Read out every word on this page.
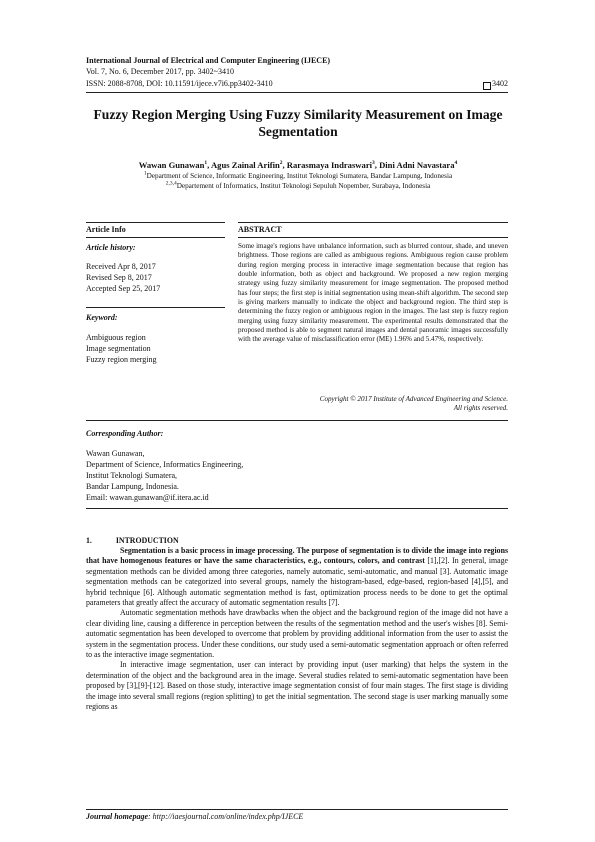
International Journal of Electrical and Computer Engineering (IJECE)
Vol. 7, No. 6, December 2017, pp. 3402~3410
ISSN: 2088-8708, DOI: 10.11591/ijece.v7i6.pp3402-3410	3402
Fuzzy Region Merging Using Fuzzy Similarity Measurement on Image Segmentation
Wawan Gunawan$^1$, Agus Zainal Arifin$^2$, Rarasmaya Indraswari$^3$, Dini Adni Navastara$^4$
$^1$Department of Science, Informatic Engineering, Institut Teknologi Sumatera, Bandar Lampung, Indonesia
$^{2,3,4}$Departement of Informatics, Institut Teknologi Sepuluh Nopember, Surabaya, Indonesia
Article Info	ABSTRACT
Article history:
Received Apr 8, 2017
Revised Sep 8, 2017
Accepted Sep 25, 2017
Keyword:
Ambiguous region
Image segmentation
Fuzzy region merging
Some image's regions have unbalance information, such as blurred contour, shade, and uneven brightness. Those regions are called as ambiguous regions. Ambiguous region cause problem during region merging process in interactive image segmentation because that region has double information, both as object and background. We proposed a new region merging strategy using fuzzy similarity measurement for image segmentation. The proposed method has four steps; the first step is initial segmentation using mean-shift algorithm. The second step is giving markers manually to indicate the object and background region. The third step is determining the fuzzy region or ambiguous region in the images. The last step is fuzzy region merging using fuzzy similarity measurement. The experimental results demonstrated that the proposed method is able to segment natural images and dental panoramic images successfully with the average value of misclassification error (ME) 1.96% and 5.47%, respectively.
Copyright © 2017 Institute of Advanced Engineering and Science.
All rights reserved.
Corresponding Author:
Wawan Gunawan,
Department of Science, Informatics Engineering,
Institut Teknologi Sumatera,
Bandar Lampung, Indonesia.
Email: wawan.gunawan@if.itera.ac.id
1.	INTRODUCTION

Segmentation is a basic process in image processing. The purpose of segmentation is to divide the image into regions that have homogenous features or have the same characteristics, e.g., contours, colors, and contrast [1],[2]. In general, image segmentation methods can be divided among three categories, namely automatic, semi-automatic, and manual [3]. Automatic image segmentation methods can be categorized into several groups, namely the histogram-based, edge-based, region-based [4],[5], and hybrid technique [6]. Although automatic segmentation method is fast, optimization process needs to be done to get the optimal parameters that greatly affect the accuracy of automatic segmentation results [7].

Automatic segmentation methods have drawbacks when the object and the background region of the image did not have a clear dividing line, causing a difference in perception between the results of the segmentation method and the user's wishes [8]. Semi-automatic segmentation has been developed to overcome that problem by providing additional information from the user to assist the system in the segmentation process. Under these conditions, our study used a semi-automatic segmentation approach or often referred to as the interactive image segmentation.

In interactive image segmentation, user can interact by providing input (user marking) that helps the system in the determination of the object and the background area in the image. Several studies related to semi-automatic segmentation have been proposed by [3],[9]-[12]. Based on those study, interactive image segmentation consist of four main stages. The first stage is dividing the image into several small regions (region splitting) to get the initial segmentation. The second stage is user marking manually some regions as

Journal homepage: http://iaesjournal.com/online/index.php/IJECE
